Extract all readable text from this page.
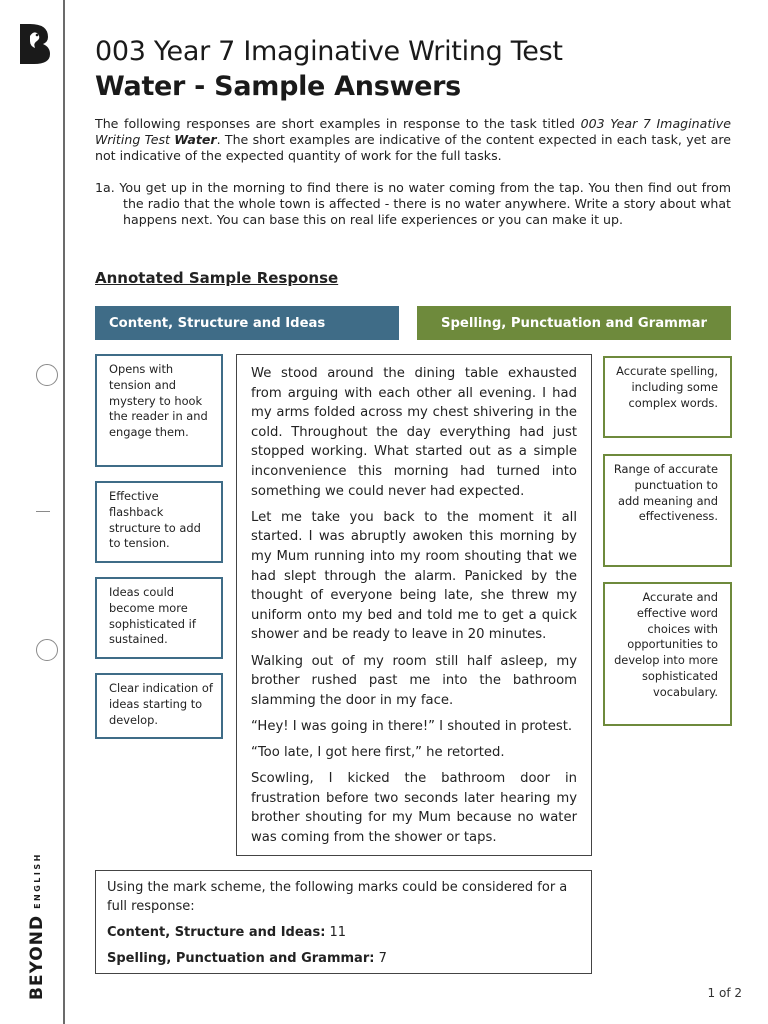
BEYOND
ENGLISH
003 Year 7 Imaginative Writing Test
Water - Sample Answers
The following responses are short examples in response to the task titled 003 Year 7 Imaginative Writing Test Water. The short examples are indicative of the content expected in each task, yet are not indicative of the expected quantity of work for the full tasks.
1a. You get up in the morning to find there is no water coming from the tap. You then find out from the radio that the whole town is affected - there is no water anywhere. Write a story about what happens next. You can base this on real life experiences or you can make it up.
Annotated Sample Response
Content, Structure and Ideas	Spelling, Punctuation and Grammar
Opens with tension and mystery to hook the reader in and engage them.
Effective flashback structure to add to tension.
Ideas could become more sophisticated if sustained.
Clear indication of ideas starting to develop.
Accurate spelling, including some complex words.
Range of accurate punctuation to add meaning and effectiveness.
Accurate and effective word choices with opportunities to develop into more sophisticated vocabulary.

We stood around the dining table exhausted from arguing with each other all evening. I had my arms folded across my chest shivering in the cold. Throughout the day everything had just stopped working. What started out as a simple inconvenience this morning had turned into something we could never had expected.

Let me take you back to the moment it all started. I was abruptly awoken this morning by my Mum running into my room shouting that we had slept through the alarm. Panicked by the thought of everyone being late, she threw my uniform onto my bed and told me to get a quick shower and be ready to leave in 20 minutes.

Walking out of my room still half asleep, my brother rushed past me into the bathroom slamming the door in my face.

“Hey! I was going in there!” I shouted in protest.

“Too late, I got here first,” he retorted.

Scowling, I kicked the bathroom door in frustration before two seconds later hearing my brother shouting for my Mum because no water was coming from the shower or taps.

Using the mark scheme, the following marks could be considered for a full response:

Content, Structure and Ideas: 11

Spelling, Punctuation and Grammar: 7

1 of 2
